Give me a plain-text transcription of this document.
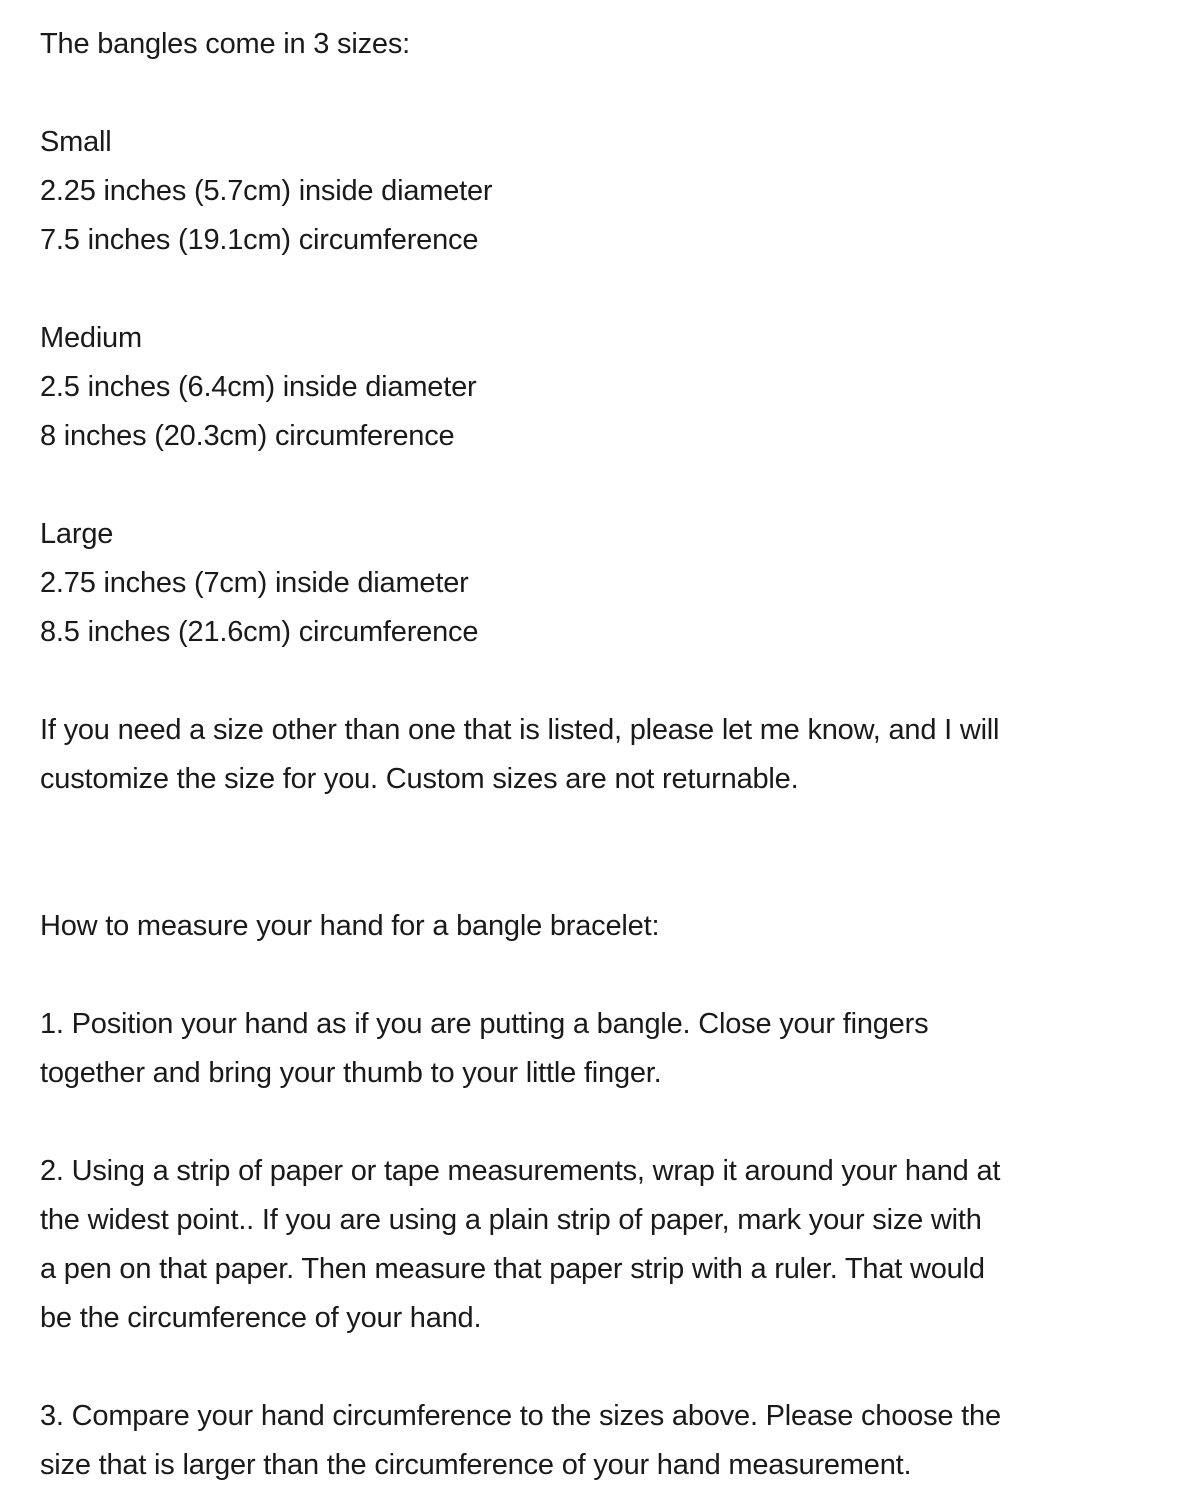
The bangles come in 3 sizes:
Small
2.25 inches (5.7cm) inside diameter
7.5 inches (19.1cm) circumference
Medium
2.5 inches (6.4cm) inside diameter
8 inches (20.3cm) circumference
Large
2.75 inches (7cm) inside diameter
8.5 inches (21.6cm) circumference
If you need a size other than one that is listed, please let me know, and I will
customize the size for you. Custom sizes are not returnable.
How to measure your hand for a bangle bracelet:
1. Position your hand as if you are putting a bangle. Close your fingers
together and bring your thumb to your little finger.
2. Using a strip of paper or tape measurements, wrap it around your hand at
the widest point.. If you are using a plain strip of paper, mark your size with
a pen on that paper. Then measure that paper strip with a ruler. That would
be the circumference of your hand.
3. Compare your hand circumference to the sizes above. Please choose the
size that is larger than the circumference of your hand measurement.
